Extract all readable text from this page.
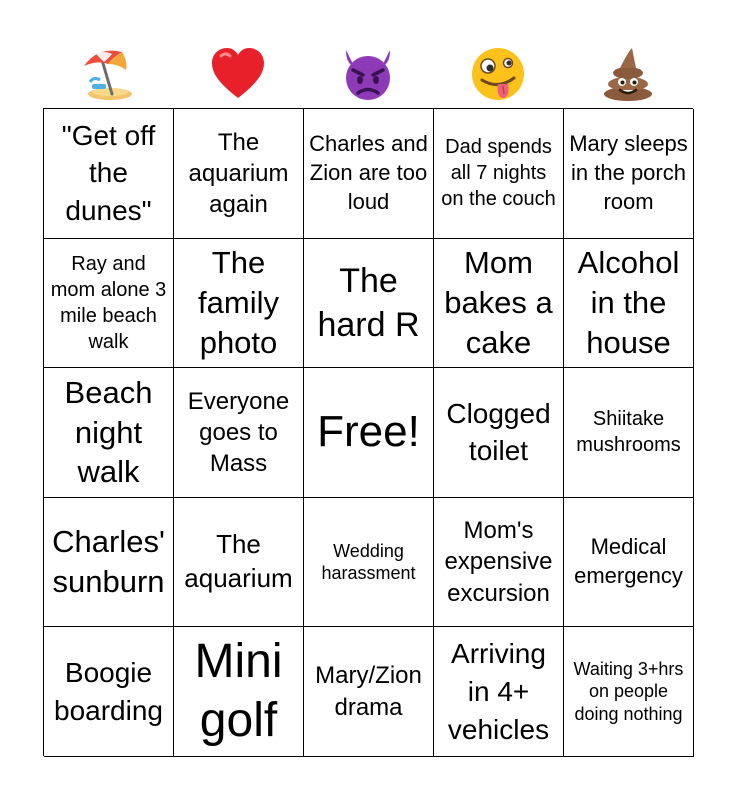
"Get off the dunes"
The aquarium again
Charles and Zion are too loud
Dad spends all 7 nights on the couch
Mary sleeps in the porch room
Ray and mom alone 3 mile beach walk
The family photo
The hard R
Mom bakes a cake
Alcohol in the house
Beach night walk
Everyone goes to Mass
Free! Clogged toilet
Shiitake mushrooms
Charles' sunburn
The aquarium
Wedding harassment
Mom's expensive excursion
Medical emergency
Boogie boarding
Mini golf
Mary/Zion drama
Arriving in 4+ vehicles
Waiting 3+hrs on people doing nothing
